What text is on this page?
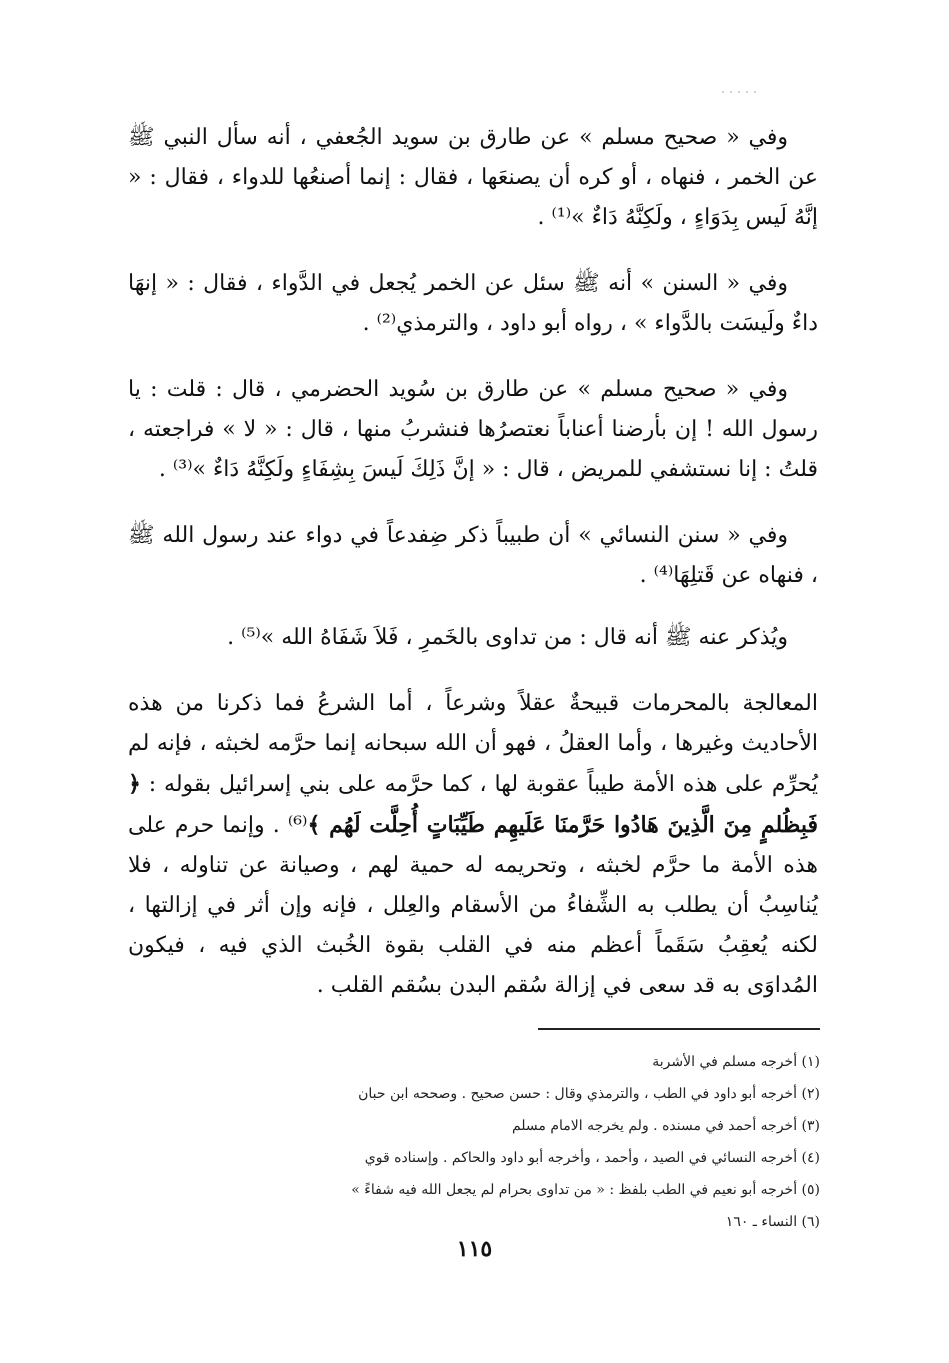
وفي « صحيح مسلم » عن طارق بن سويد الجُعفي ، أنه سأل النبي ﷺ عن الخمر ، فنهاه ، أو كره أن يصنعَها ، فقال : إنما أصنعُها للدواء ، فقال : « إنَّهُ لَيس بِدَوَاءٍ ، ولَكِنَّهُ دَاءٌ »⁽¹⁾ .

وفي « السنن » أنه ﷺ سئل عن الخمر يُجعل في الدَّواء ، فقال : « إنهَا داءٌ ولَيسَت بالدَّواء » ، رواه أبو داود ، والترمذي⁽²⁾ .

وفي « صحيح مسلم » عن طارق بن سُويد الحضرمي ، قال : قلت : يا رسول الله ! إن بأرضنا أعناباً نعتصرُها فنشربُ منها ، قال : « لا » فراجعته ، قلتُ : إنا نستشفي للمريض ، قال : « إنَّ ذَلِكَ لَيسَ بِشِفَاءٍ ولَكِنَّهُ دَاءٌ »⁽³⁾ .

وفي « سنن النسائي » أن طبيباً ذكر ضِفدعاً في دواء عند رسول الله ﷺ ، فنهاه عن قَتلِهَا⁽⁴⁾ .

ويُذكر عنه ﷺ أنه قال : من تداوى بالخَمرِ ، فَلاَ شَفَاهُ الله »⁽⁵⁾ .

المعالجة بالمحرمات قبيحةٌ عقلاً وشرعاً ، أما الشرعُ فما ذكرنا من هذه الأحاديث وغيرها ، وأما العقلُ ، فهو أن الله سبحانه إنما حرَّمه لخبثه ، فإنه لم يُحرِّم على هذه الأمة طيباً عقوبة لها ، كما حرَّمه على بني إسرائيل بقوله : ﴿ فَبِظُلمٍ مِنَ الَّذِينَ هَادُوا حَرَّمنَا عَلَيهِم طَيِّبَاتٍ أُحِلَّت لَهُم ﴾⁽⁶⁾ . وإنما حرم على هذه الأمة ما حرَّم لخبثه ، وتحريمه له حمية لهم ، وصيانة عن تناوله ، فلا يُناسِبُ أن يطلب به الشِّفاءُ من الأسقام والعِلل ، فإنه وإن أثر في إزالتها ، لكنه يُعقِبُ سَقَماً أعظم منه في القلب بقوة الخُبث الذي فيه ، فيكون المُداوَى به قد سعى في إزالة سُقم البدن بسُقم القلب .

(١) أخرجه مسلم في الأشربة
(٢) أخرجه أبو داود في الطب ، والترمذي وقال : حسن صحيح . وصححه ابن حبان
(٣) أخرجه أحمد في مسنده . ولم يخرجه الامام مسلم
(٤) أخرجه النسائي في الصيد ، وأحمد ، وأخرجه أبو داود والحاكم . وإسناده قوي
(٥) أخرجه أبو نعيم في الطب بلفظ : « من تداوى بحرام لم يجعل الله فيه شفاءً »
(٦) النساء ـ ١٦٠
١١٥
